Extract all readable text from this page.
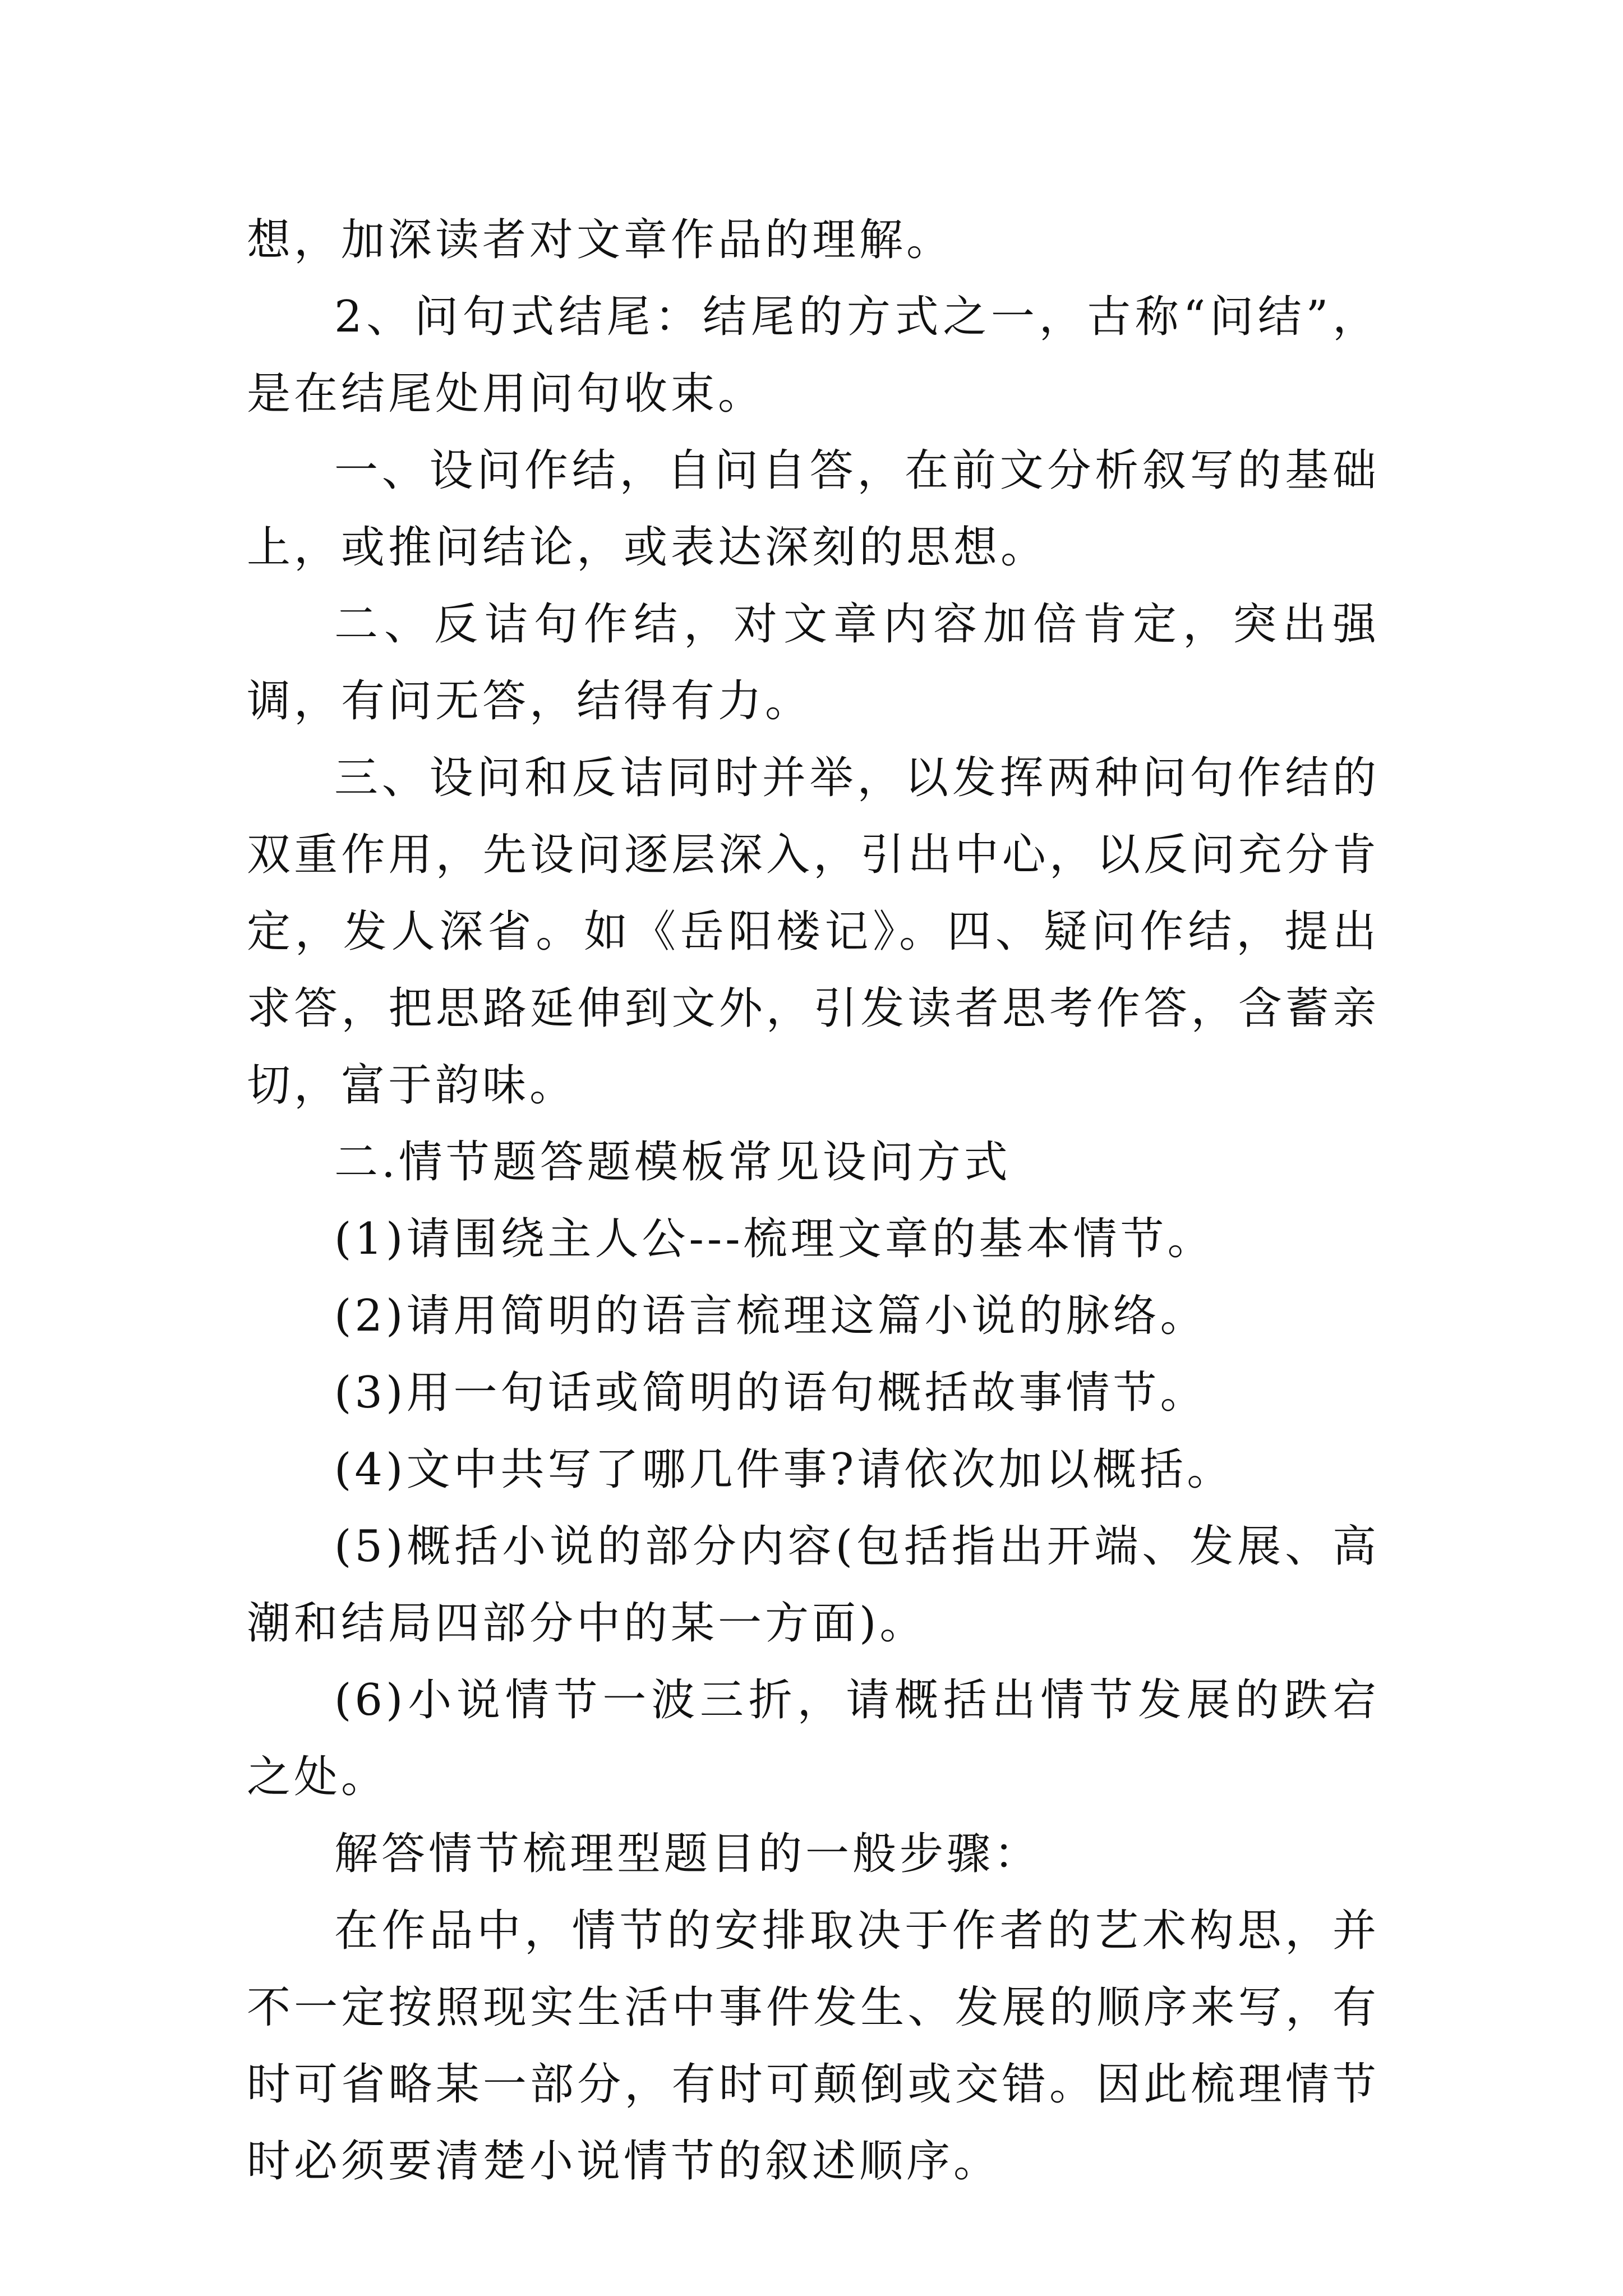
想，加深读者对文章作品的理解。

2、问句式结尾：结尾的方式之一，古称“问结”，是在结尾处用问句收束。

一、设问作结，自问自答，在前文分析叙写的基础上，或推问结论，或表达深刻的思想。

二、反诘句作结，对文章内容加倍肯定，突出强调，有问无答，结得有力。

三、设问和反诘同时并举，以发挥两种问句作结的双重作用，先设问逐层深入，引出中心，以反问充分肯定，发人深省。如《岳阳楼记》。四、疑问作结，提出求答，把思路延伸到文外，引发读者思考作答，含蓄亲切，富于韵味。

二.情节题答题模板常见设问方式

(1)请围绕主人公---梳理文章的基本情节。

(2)请用简明的语言梳理这篇小说的脉络。

(3)用一句话或简明的语句概括故事情节。

(4)文中共写了哪几件事?请依次加以概括。

(5)概括小说的部分内容(包括指出开端、发展、高潮和结局四部分中的某一方面)。

(6)小说情节一波三折，请概括出情节发展的跌宕之处。

解答情节梳理型题目的一般步骤：

在作品中，情节的安排取决于作者的艺术构思，并不一定按照现实生活中事件发生、发展的顺序来写，有时可省略某一部分，有时可颠倒或交错。因此梳理情节时必须要清楚小说情节的叙述顺序。
